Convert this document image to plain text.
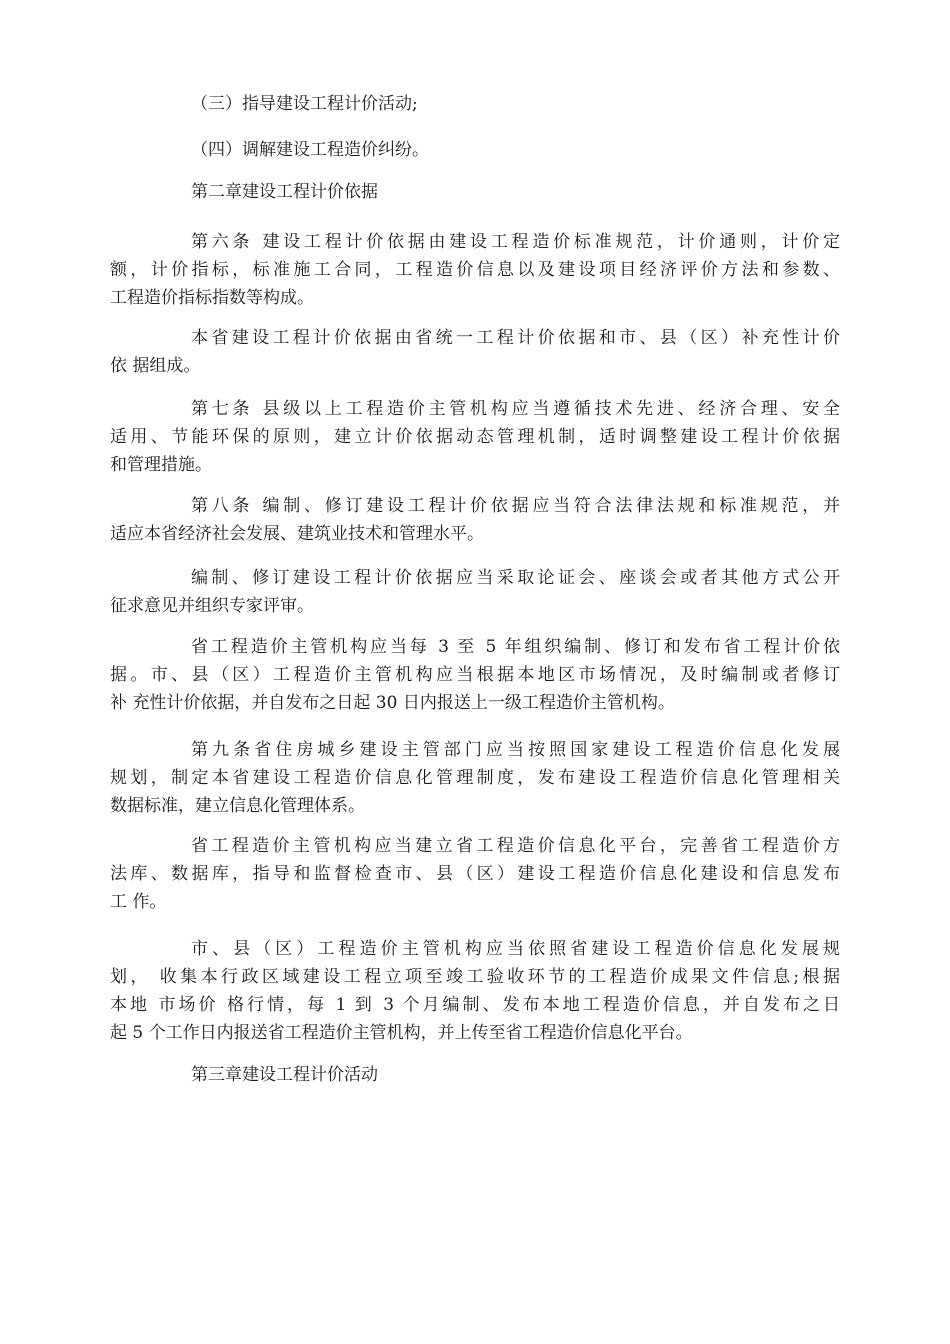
（三）指导建设工程计价活动;

（四）调解建设工程造价纠纷。

第二章建设工程计价依据

第六条 建设工程计价依据由建设工程造价标准规范，计价通则，计价定
额，计价指标，标准施工合同，工程造价信息以及建设项目经济评价方法和参数、
工程造价指标指数等构成。

本省建设工程计价依据由省统一工程计价依据和市、县（区）补充性计价
依 据组成。

第七条 县级以上工程造价主管机构应当遵循技术先进、经济合理、安全
适用、节能环保的原则，建立计价依据动态管理机制，适时调整建设工程计价依据
和管理措施。

第八条 编制、修订建设工程计价依据应当符合法律法规和标准规范，并
适应本省经济社会发展、建筑业技术和管理水平。

编制、修订建设工程计价依据应当采取论证会、座谈会或者其他方式公开
征求意见并组织专家评审。

省工程造价主管机构应当每 3 至 5 年组织编制、修订和发布省工程计价依
据。市、县（区）工程造价主管机构应当根据本地区市场情况，及时编制或者修订
补 充性计价依据，并自发布之日起 30 日内报送上一级工程造价主管机构。

第九条省住房城乡建设主管部门应当按照国家建设工程造价信息化发展
规划，制定本省建设工程造价信息化管理制度，发布建设工程造价信息化管理相关
数据标准，建立信息化管理体系。

省工程造价主管机构应当建立省工程造价信息化平台，完善省工程造价方
法库、数据库，指导和监督检查市、县（区）建设工程造价信息化建设和信息发布
工 作。

市、县（区）工程造价主管机构应当依照省建设工程造价信息化发展规
划， 收集本行政区域建设工程立项至竣工验收环节的工程造价成果文件信息;根据
本地 市场价 格行情，每 1 到 3 个月编制、发布本地工程造价信息，并自发布之日
起 5 个工作日内报送省工程造价主管机构，并上传至省工程造价信息化平台。

第三章建设工程计价活动
